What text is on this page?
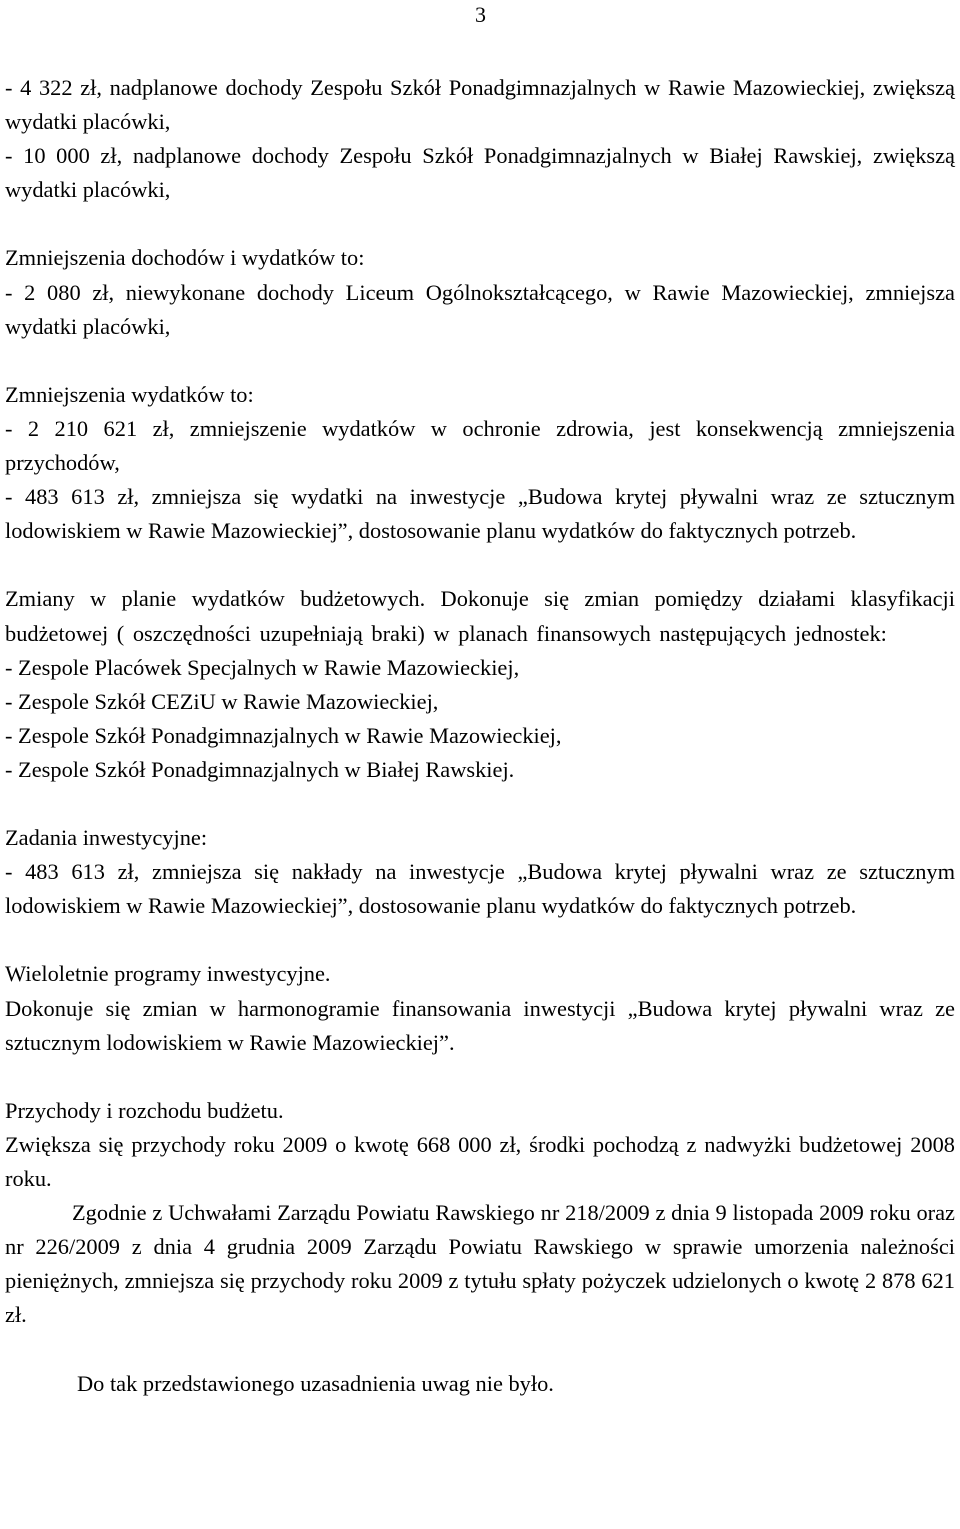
3

- 4 322 zł, nadplanowe dochody Zespołu Szkół Ponadgimnazjalnych w Rawie Mazowieckiej, zwiększą wydatki placówki,

- 10 000 zł, nadplanowe dochody Zespołu Szkół Ponadgimnazjalnych w Białej Rawskiej, zwiększą wydatki placówki,

Zmniejszenia dochodów i wydatków to:

- 2 080 zł, niewykonane dochody Liceum Ogólnokształcącego, w Rawie Mazowieckiej, zmniejsza wydatki placówki,

Zmniejszenia wydatków to:

- 2 210 621 zł, zmniejszenie wydatków w ochronie zdrowia, jest konsekwencją zmniejszenia przychodów,

- 483 613 zł, zmniejsza się wydatki na inwestycje „Budowa krytej pływalni wraz ze sztucznym lodowiskiem w Rawie Mazowieckiej”, dostosowanie planu wydatków do faktycznych potrzeb.

Zmiany w planie wydatków budżetowych. Dokonuje się zmian pomiędzy działami klasyfikacji budżetowej ( oszczędności uzupełniają braki) w planach finansowych następujących jednostek:

- Zespole Placówek Specjalnych w Rawie Mazowieckiej,

- Zespole Szkół CEZiU w Rawie Mazowieckiej,

- Zespole Szkół Ponadgimnazjalnych w Rawie Mazowieckiej,

- Zespole Szkół Ponadgimnazjalnych w Białej Rawskiej.

Zadania inwestycyjne:

- 483 613 zł, zmniejsza się nakłady na inwestycje „Budowa krytej pływalni wraz ze sztucznym lodowiskiem w Rawie Mazowieckiej”, dostosowanie planu wydatków do faktycznych potrzeb.

Wieloletnie programy inwestycyjne.

Dokonuje się zmian w harmonogramie finansowania inwestycji „Budowa krytej pływalni wraz ze sztucznym lodowiskiem w Rawie Mazowieckiej”.

Przychody i rozchodu budżetu.

Zwiększa się przychody roku 2009 o kwotę 668 000 zł, środki pochodzą z nadwyżki budżetowej 2008 roku.

Zgodnie z Uchwałami Zarządu Powiatu Rawskiego nr 218/2009 z dnia 9 listopada 2009 roku oraz nr 226/2009 z dnia 4 grudnia 2009 Zarządu Powiatu Rawskiego w sprawie umorzenia należności pieniężnych, zmniejsza się przychody roku 2009 z tytułu spłaty pożyczek udzielonych o kwotę 2 878 621 zł.

Do tak przedstawionego uzasadnienia uwag nie było.
